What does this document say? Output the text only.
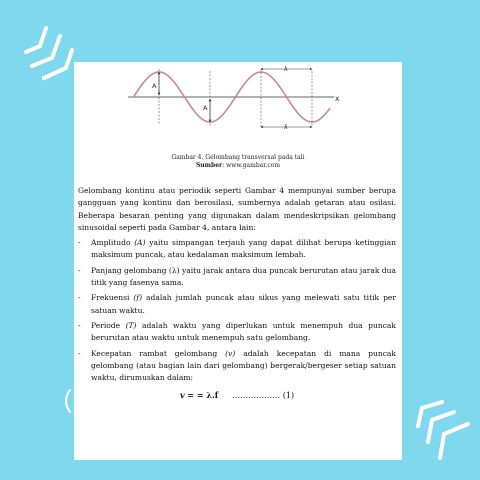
A
A
λ
λ
X
Gambar 4. Gelombang transversal pada tali
Sumber: www.gambar.com

Gelombang kontinu atau periodik seperti Gambar 4 mempunyai sumber berupa gangguan yang kontinu dan berosilasi, sumbernya adalah getaran atau osilasi. Beberapa besaran penting yang digunakan dalam mendeskripsikan gelombang sinusoidal seperti pada Gambar 4, antara lain:

- Amplitudo (A) yaitu simpangan terjauh yang dapat dilihat berupa ketinggian maksimum puncak, atau kedalaman maksimum lembah.
- Panjang gelombang (λ) yaitu jarak antara dua puncak berurutan atau jarak dua titik yang fasenya sama.
- Frekuensi (f) adalah jumlah puncak atau sikus yang melewati satu titik per satuan waktu.
- Periode (T) adalah waktu yang diperlukan untuk menempuh dua puncak berurutan atau waktu untuk menempuh satu gelombang.
- Kecepatan rambat gelombang (v) adalah kecepatan di mana puncak gelombang (atau bagian lain dari gelombang) bergerak/bergeser setiap satuan waktu, dirumuskan dalam:
v = = λ.f ……………… (1)
